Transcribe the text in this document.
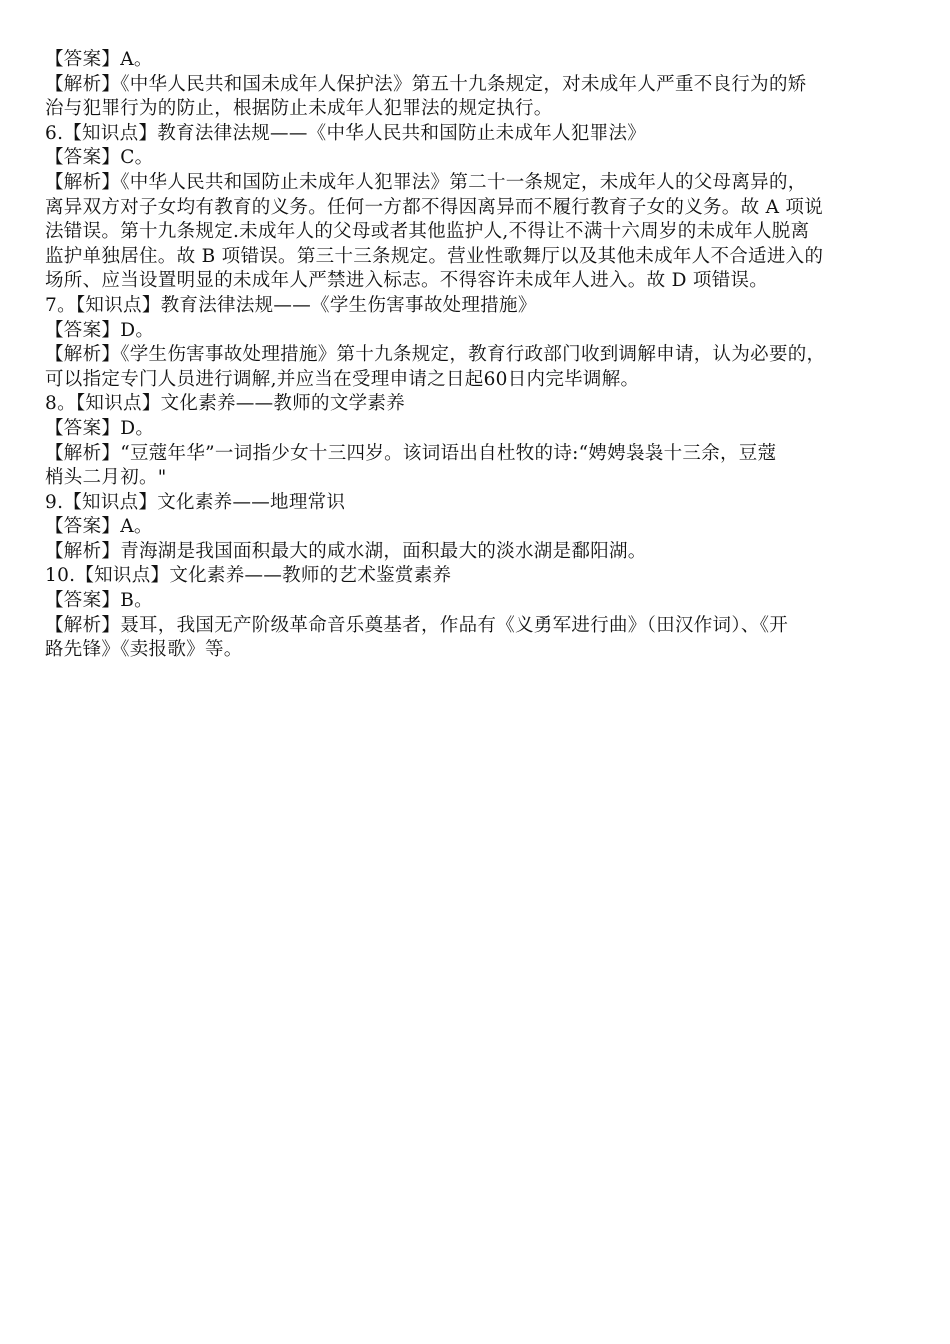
【答案】A。
【解析】《中华人民共和国未成年人保护法》第五十九条规定，对未成年人严重不良行为的矫
治与犯罪行为的防止，根据防止未成年人犯罪法的规定执行。
6.【知识点】教育法律法规——《中华人民共和国防止未成年人犯罪法》
【答案】C。
【解析】《中华人民共和国防止未成年人犯罪法》第二十一条规定，未成年人的父母离异的，
离异双方对子女均有教育的义务。任何一方都不得因离异而不履行教育子女的义务。故 A 项说
法错误。第十九条规定.未成年人的父母或者其他监护人,不得让不满十六周岁的未成年人脱离
监护单独居住。故 B 项错误。第三十三条规定。营业性歌舞厅以及其他未成年人不合适进入的
场所、应当设置明显的未成年人严禁进入标志。不得容许未成年人进入。故 D 项错误。
7。【知识点】教育法律法规——《学生伤害事故处理措施》
【答案】D。
【解析】《学生伤害事故处理措施》第十九条规定，教育行政部门收到调解申请，认为必要的，
可以指定专门人员进行调解,并应当在受理申请之日起60日内完毕调解。
8。【知识点】文化素养——教师的文学素养
【答案】D。
【解析】“豆蔻年华”一词指少女十三四岁。该词语出自杜牧的诗:“娉娉袅袅十三余，豆蔻
梢头二月初。"
9.【知识点】文化素养——地理常识
【答案】A。
【解析】青海湖是我国面积最大的咸水湖，面积最大的淡水湖是鄱阳湖。
10.【知识点】文化素养——教师的艺术鉴赏素养
【答案】B。
【解析】聂耳，我国无产阶级革命音乐奠基者，作品有《义勇军进行曲》（田汉作词）、《开
路先锋》《卖报歌》等。
